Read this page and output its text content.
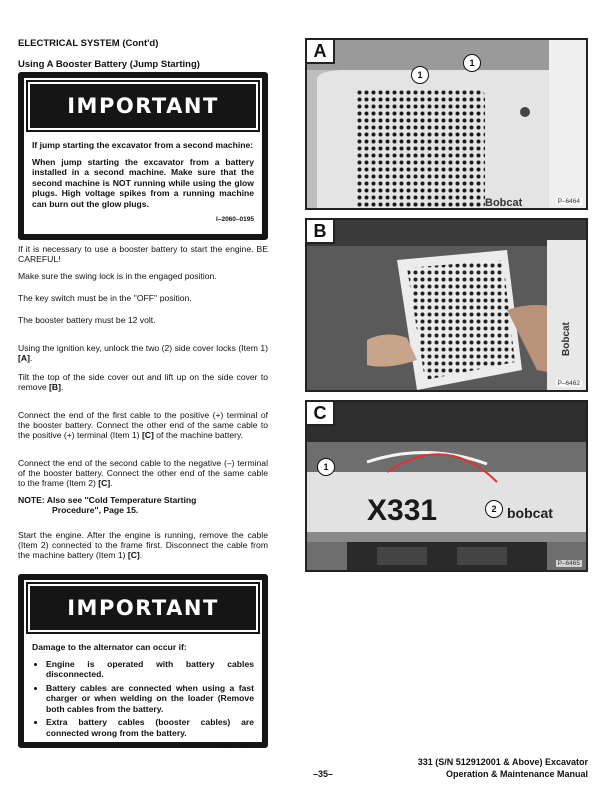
ELECTRICAL SYSTEM (Cont'd)
Using A Booster Battery (Jump Starting)
IMPORTANT

If jump starting the excavator from a second machine:

When jump starting the excavator from a battery installed in a second machine. Make sure that the second machine is NOT running while using the glow plugs. High voltage spikes from a running machine can burn out the glow plugs.

I–2060–0195
If it is necessary to use a booster battery to start the engine. BE CAREFUL!
Make sure the swing lock is in the engaged position.
The key switch must be in the ''OFF'' position.
The booster battery must be 12 volt.
Using the ignition key, unlock the two (2) side cover locks (Item 1) [A].
Tilt the top of the side cover out and lift up on the side cover to remove [B].
Connect the end of the first cable to the positive (+) terminal of the booster battery. Connect the other end of the same cable to the positive (+) terminal (Item 1) [C] of the machine battery.
Connect the end of the second cable to the negative (–) terminal of the booster battery. Connect the other end of the same cable to the frame (Item 2) [C].
NOTE: Also see ''Cold Temperature Starting
Procedure'', Page 15.
Start the engine. After the engine is running, remove the cable (Item 2) connected to the frame first. Disconnect the cable from the machine battery (Item 1) [C].
IMPORTANT

Damage to the alternator can occur if:

• Engine is operated with battery cables disconnected.
• Battery cables are connected when using a fast charger or when welding on the loader (Remove both cables from the battery.
• Extra battery cables (booster cables) are connected wrong from the battery.
I–2023–1285
Bobcat
A
1
1
P–6464
Bobcat
B
P–6462
X331	bobcat
C
1
2
P–6465
–35–
331 (S/N 512912001 & Above) Excavator
Operation & Maintenance Manual
